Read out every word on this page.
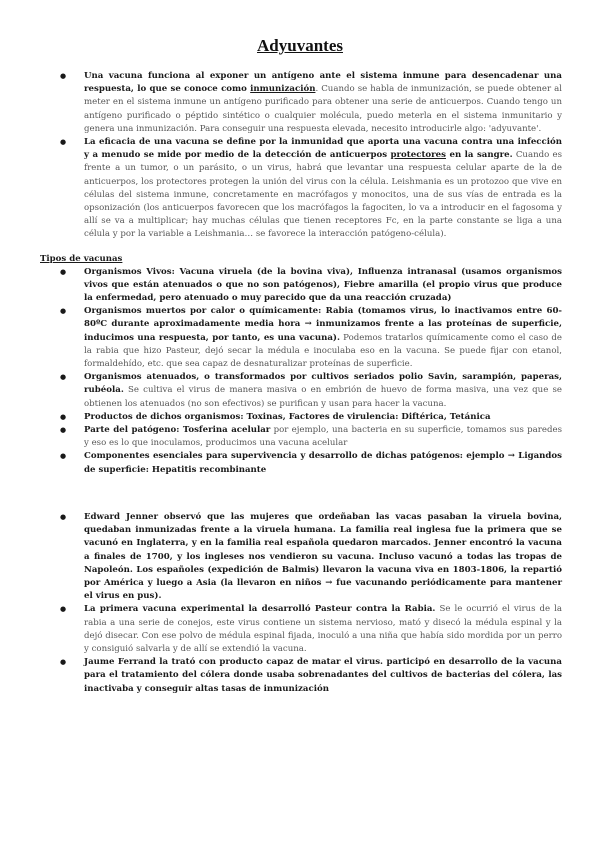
Adyuvantes
● Una vacuna funciona al exponer un antígeno ante el sistema inmune para desencadenar una respuesta, lo que se conoce como inmunización. Cuando se habla de inmunización, se puede obtener al meter en el sistema inmune un antígeno purificado para obtener una serie de anticuerpos. Cuando tengo un antígeno purificado o péptido sintético o cualquier molécula, puedo meterla en el sistema inmunitario y genera una inmunización. Para conseguir una respuesta elevada, necesito introducirle algo: 'adyuvante'.
● La eficacia de una vacuna se define por la inmunidad que aporta una vacuna contra una infección y a menudo se mide por medio de la detección de anticuerpos protectores en la sangre. Cuando es frente a un tumor, o un parásito, o un virus, habrá que levantar una respuesta celular aparte de la de anticuerpos, los protectores protegen la unión del virus con la célula. Leishmania es un protozoo que vive en células del sistema inmune, concretamente en macrófagos y monocitos, una de sus vías de entrada es la opsonización (los anticuerpos favorecen que los macrófagos la fagociten, lo va a introducir en el fagosoma y allí se va a multiplicar; hay muchas células que tienen receptores Fc, en la parte constante se liga a una célula y por la variable a Leishmania… se favorece la interacción patógeno-célula).
Tipos de vacunas
● Organismos Vivos: Vacuna viruela (de la bovina viva), Influenza intranasal (usamos organismos vivos que están atenuados o que no son patógenos), Fiebre amarilla (el propio virus que produce la enfermedad, pero atenuado o muy parecido que da una reacción cruzada)
● Organismos muertos por calor o químicamente: Rabia (tomamos virus, lo inactivamos entre 60-80ºC durante aproximadamente media hora → inmunizamos frente a las proteínas de superficie, inducimos una respuesta, por tanto, es una vacuna). Podemos tratarlos químicamente como el caso de la rabia que hizo Pasteur, dejó secar la médula e inoculaba eso en la vacuna. Se puede fijar con etanol, formaldehído, etc. que sea capaz de desnaturalizar proteínas de superficie.
● Organismos atenuados, o transformados por cultivos seriados polio Savin, sarampión, paperas, rubéola. Se cultiva el virus de manera masiva o en embrión de huevo de forma masiva, una vez que se obtienen los atenuados (no son efectivos) se purifican y usan para hacer la vacuna.
● Productos de dichos organismos: Toxinas, Factores de virulencia: Diftérica, Tetánica
● Parte del patógeno: Tosferina acelular por ejemplo, una bacteria en su superficie, tomamos sus paredes y eso es lo que inoculamos, producimos una vacuna acelular
● Componentes esenciales para supervivencia y desarrollo de dichas patógenos: ejemplo → Ligandos de superficie: Hepatitis recombinante
● Edward Jenner observó que las mujeres que ordeñaban las vacas pasaban la viruela bovina, quedaban inmunizadas frente a la viruela humana. La familia real inglesa fue la primera que se vacunó en Inglaterra, y en la familia real española quedaron marcados. Jenner encontró la vacuna a finales de 1700, y los ingleses nos vendieron su vacuna. Incluso vacunó a todas las tropas de Napoleón. Los españoles (expedición de Balmis) llevaron la vacuna viva en 1803-1806, la repartió por América y luego a Asia (la llevaron en niños → fue vacunando periódicamente para mantener el virus en pus).
● La primera vacuna experimental la desarrolló Pasteur contra la Rabia. Se le ocurrió el virus de la rabia a una serie de conejos, este virus contiene un sistema nervioso, mató y disecó la médula espinal y la dejó disecar. Con ese polvo de médula espinal fijada, inoculó a una niña que había sido mordida por un perro y consiguió salvarla y de allí se extendió la vacuna.
● Jaume Ferrand la trató con producto capaz de matar el virus. participó en desarrollo de la vacuna para el tratamiento del cólera donde usaba sobrenadantes del cultivos de bacterias del cólera, las inactivaba y conseguir altas tasas de inmunización
